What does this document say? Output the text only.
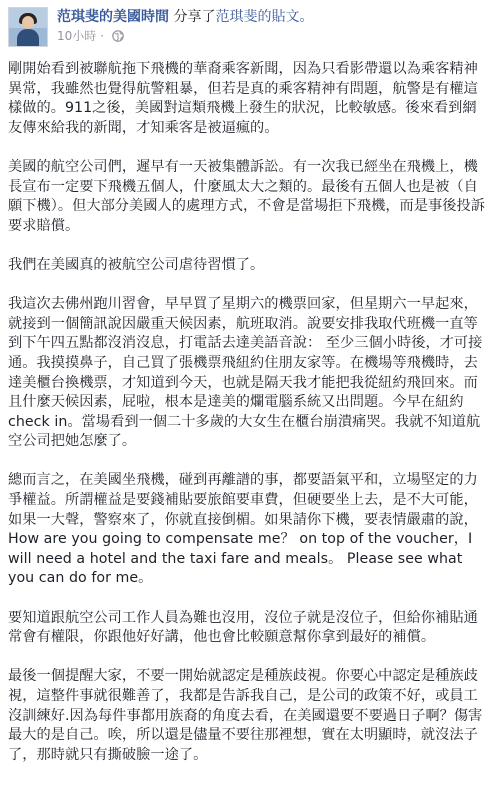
范琪斐的美國時間 分享了范琪斐的貼文。
10小時 ·

剛開始看到被聯航拖下飛機的華裔乘客新聞，因為只看影帶還以為乘客精神異常，我雖然也覺得航警粗暴，但若是真的乘客精神有問題，航警是有權這樣做的。911之後，美國對這類飛機上發生的狀況，比較敏感。後來看到網友傳來給我的新聞，才知乘客是被逼瘋的。

美國的航空公司們，遲早有一天被集體訴訟。有一次我已經坐在飛機上，機長宣布一定要下飛機五個人，什麼風太大之類的。最後有五個人也是被（自願下機）。但大部分美國人的處理方式，不會是當場拒下飛機，而是事後投訴要求賠償。

我們在美國真的被航空公司虐待習慣了。

我這次去佛州跑川習會，早早買了星期六的機票回家，但星期六一早起來，就接到一個簡訊說因嚴重天候因素，航班取消。說要安排我取代班機一直等到下午四五點都沒消沒息，打電話去達美語音說： 至少三個小時後，才可接通。我摸摸鼻子，自己買了張機票飛紐約住朋友家等。在機場等飛機時，去達美櫃台換機票，才知道到今天，也就是隔天我才能把我從紐約飛回來。而且什麼天候因素，屁啦，根本是達美的爛電腦系統又出問題。今早在紐約check in。當場看到一個二十多歲的大女生在櫃台崩潰痛哭。我就不知道航空公司把她怎麼了。

總而言之，在美國坐飛機，碰到再離譜的事，都要語氣平和，立場堅定的力爭權益。所謂權益是要錢補貼要旅館要車費，但硬要坐上去，是不大可能，如果一大聲，警察來了，你就直接倒楣。如果請你下機，要表情嚴肅的說，How are you going to compensate me？ on top of the voucher，I will need a hotel and the taxi fare and meals。 Please see what you can do for me。

要知道跟航空公司工作人員為難也沒用，沒位子就是沒位子，但給你補貼通常會有權限，你跟他好好講，他也會比較願意幫你拿到最好的補償。

最後一個提醒大家，不要一開始就認定是種族歧視。你要心中認定是種族歧視，這整件事就很難善了，我都是告訴我自己，是公司的政策不好，或員工沒訓練好.因為每件事都用族裔的角度去看，在美國還要不要過日子啊？傷害最大的是自己。唉，所以還是儘量不要往那裡想，實在太明顯時，就沒法子了，那時就只有撕破臉一途了。
